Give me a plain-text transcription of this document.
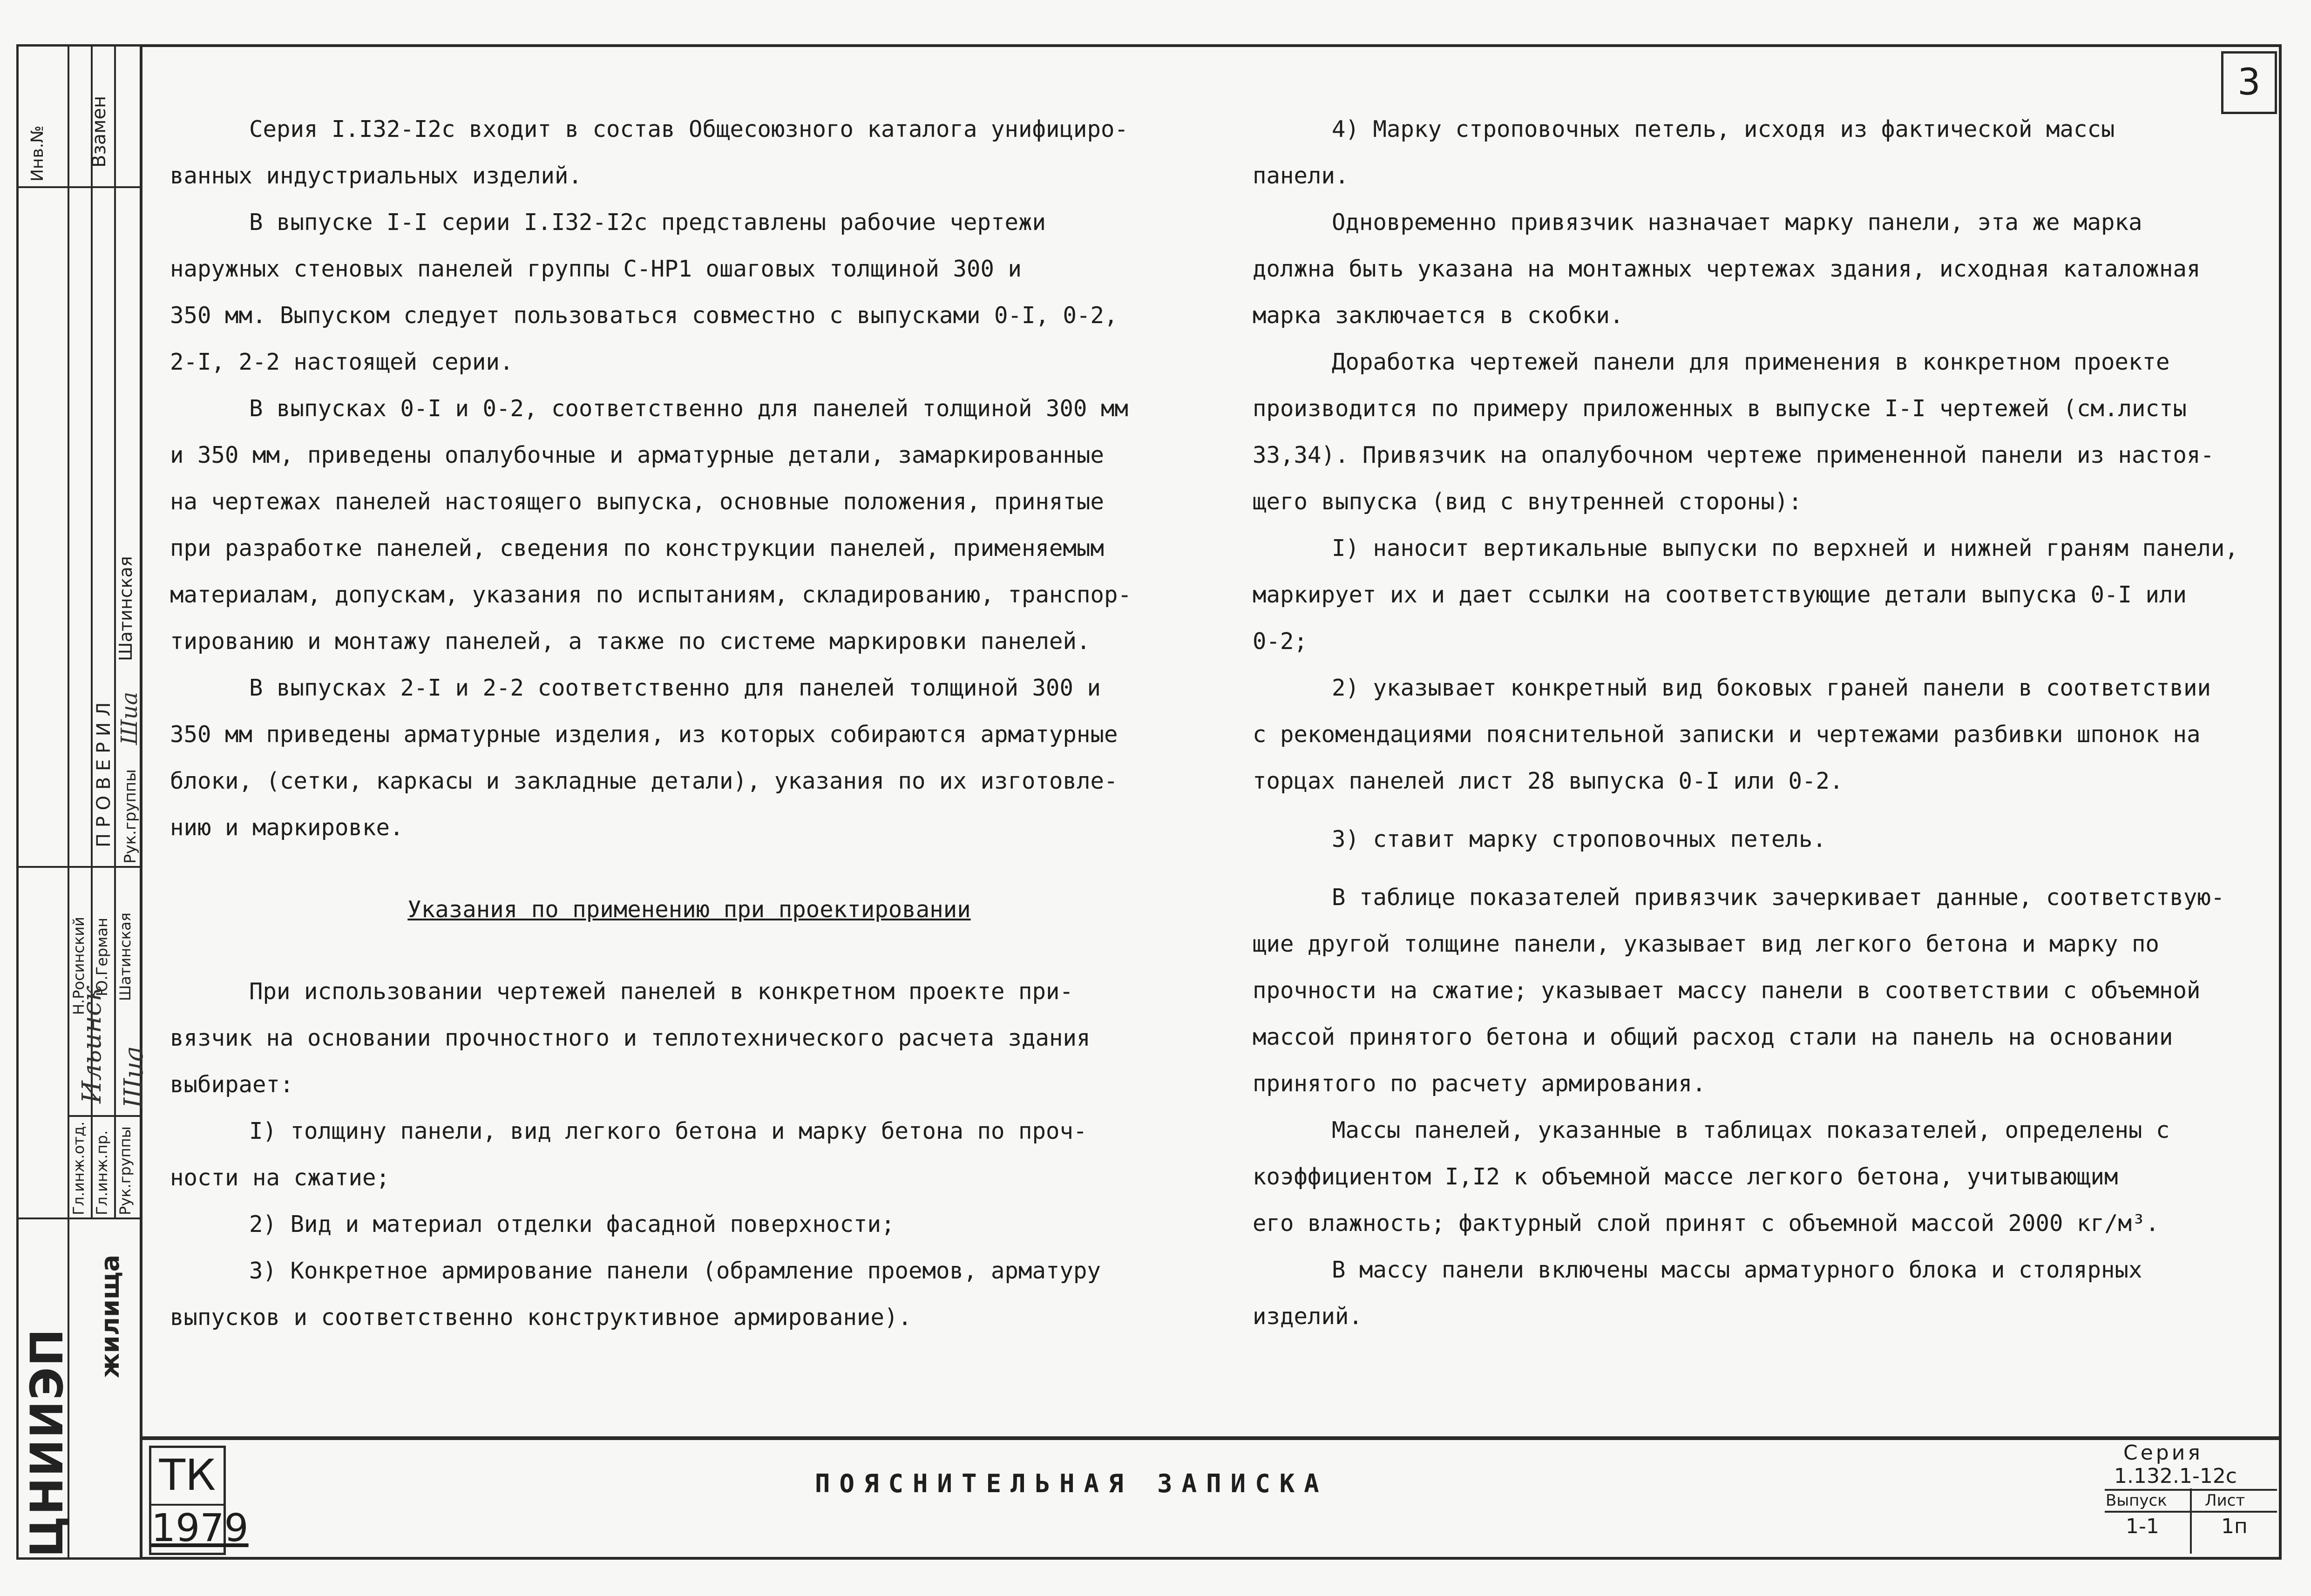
Инв.№ Взамен
Шатинская
Шиа
Рук.группы
П Р О В Е Р И Л
Н.Росинский Ю.Герман Шатинская
Ильинск Шиа
Гл.инж.отд. Гл.инж.пр. Рук.группы
ЦНИИЭП
жилища
3

Серия I.I32-I2c входит в состав Общесоюзного каталога унифициро-

ванных индустриальных изделий.

В выпуске I-I серии I.I32-I2c представлены рабочие чертежи

наружных стеновых панелей группы С-НР1 ошаговых толщиной 300 и

350 мм. Выпуском следует пользоваться совместно с выпусками 0-I, 0-2,

2-I, 2-2 настоящей серии.

В выпусках 0-I и 0-2, соответственно для панелей толщиной 300 мм

и 350 мм, приведены опалубочные и арматурные детали, замаркированные

на чертежах панелей настоящего выпуска, основные положения, принятые

при разработке панелей, сведения по конструкции панелей, применяемым

материалам, допускам, указания по испытаниям, складированию, транспор-

тированию и монтажу панелей, а также по системе маркировки панелей.

В выпусках 2-I и 2-2 соответственно для панелей толщиной 300 и

350 мм приведены арматурные изделия, из которых собираются арматурные

блоки, (сетки, каркасы и закладные детали), указания по их изготовле-

нию и маркировке.

Указания по применению при проектировании

При использовании чертежей панелей в конкретном проекте при-

вязчик на основании прочностного и теплотехнического расчета здания

выбирает:

I) толщину панели, вид легкого бетона и марку бетона по проч-

ности на сжатие;

2) Вид и материал отделки фасадной поверхности;

3) Конкретное армирование панели (обрамление проемов, арматуру

выпусков и соответственно конструктивное армирование).

4) Марку строповочных петель, исходя из фактической массы

панели.

Одновременно привязчик назначает марку панели, эта же марка

должна быть указана на монтажных чертежах здания, исходная каталожная

марка заключается в скобки.

Доработка чертежей панели для применения в конкретном проекте

производится по примеру приложенных в выпуске I-I чертежей (см.листы

33,34). Привязчик на опалубочном чертеже примененной панели из настоя-

щего выпуска (вид с внутренней стороны):

I) наносит вертикальные выпуски по верхней и нижней граням панели,

маркирует их и дает ссылки на соответствующие детали выпуска 0-I или

0-2;

2) указывает конкретный вид боковых граней панели в соответствии

с рекомендациями пояснительной записки и чертежами разбивки шпонок на

торцах панелей лист 28 выпуска 0-I или 0-2.

3) ставит марку строповочных петель.

В таблице показателей привязчик зачеркивает данные, соответствую-

щие другой толщине панели, указывает вид легкого бетона и марку по

прочности на сжатие; указывает массу панели в соответствии с объемной

массой принятого бетона и общий расход стали на панель на основании

принятого по расчету армирования.

Массы панелей, указанные в таблицах показателей, определены с

коэффициентом I,I2 к объемной массе легкого бетона, учитывающим

его влажность; фактурный слой принят с объемной массой 2000 кг/м³.

В массу панели включены массы арматурного блока и столярных

изделий.

ТК
1979
ПОЯСНИТЕЛЬНАЯ ЗАПИСКА
Серия
1.132.1-12с
Выпуск Лист
1-1	1п
